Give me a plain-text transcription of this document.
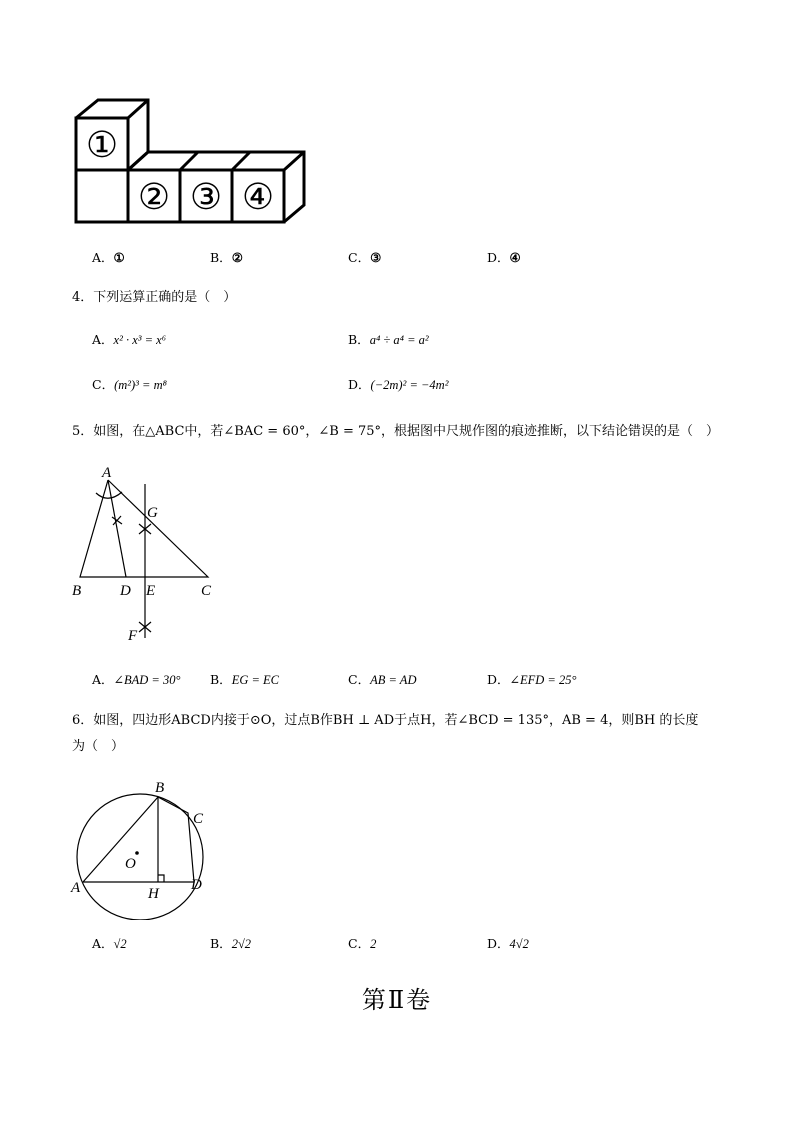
①
② ③ ④
A．①	B．②	C．③	D．④
4．下列运算正确的是（　）
A．x² · x³ = x⁶	B．a⁴ ÷ a⁴ = a²
C．(m²)³ = m⁸	D．(−2m)² = −4m²
5．如图，在△ABC中，若∠BAC = 60°，∠B = 75°，根据图中尺规作图的痕迹推断，以下结论错误的是（　）
A
G
B	D E	C
F
A．∠BAD = 30° B．EG = EC	C．AB = AD	D．∠EFD = 25°
6．如图，四边形ABCD内接于⊙O，过点B作BH ⊥ AD于点H，若∠BCD = 135°，AB = 4，则BH 的长度
为（　）
B
C
O
A	H
D
A．√2	B．2√2	C．2	D．4√2
第Ⅱ卷
